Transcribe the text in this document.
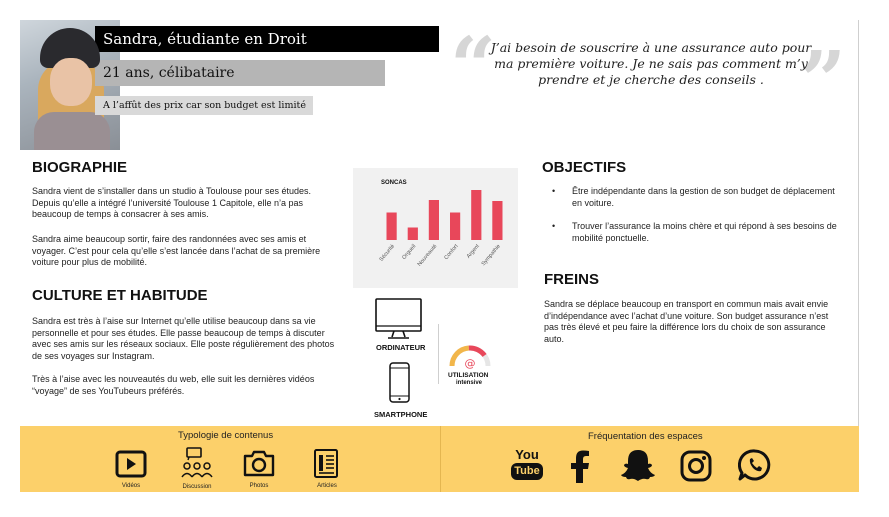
Sandra, étudiante en Droit
21 ans, célibataire
A l’affût des prix car son budget est limité “	”
J’ai besoin de souscrire à une assurance auto pour
ma première voiture. Je ne sais pas comment m’y
prendre et je cherche des conseils .
BIOGRAPHIE
Sandra vient de s’installer dans un studio à Toulouse pour ses études.
Depuis qu’elle a intégré l’université Toulouse 1 Capitole, elle n’a pas
beaucoup de temps à consacrer à ses amis.
Sandra aime beaucoup sortir, faire des randonnées avec ses amis et
voyager. C’est pour cela qu’elle s’est lancée dans l’achat de sa première
voiture pour plus de mobilité.
CULTURE ET HABITUDE
Sandra est très à l’aise sur Internet qu’elle utilise beaucoup dans sa vie
personnelle et pour ses études. Elle passe beaucoup de temps à discuter
avec ses amis sur les réseaux sociaux. Elle poste régulièrement des photos
de ses voyages sur Instagram.
Très à l’aise avec les nouveautés du web, elle suit les dernières vidéos
“voyage” de ses YouTubeurs préférés.
SONCAS
Sécurité Orgueil Nouveauté Confort Argent Sympathie
ORDINATEUR
SMARTPHONE
@
UTILISATION
intensive
OBJECTIFS
• Être indépendante dans la gestion de son budget de déplacement
en voiture.
• Trouver l’assurance la moins chère et qui répond à ses besoins de
mobilité ponctuelle.
FREINS
Sandra se déplace beaucoup en transport en commun mais avait envie
d’indépendance avec l’achat d’une voiture. Son budget assurance n’est
pas très élevé et peu faire la différence lors du choix de son assurance
auto.
Typologie de contenus	Fréquentation des espaces
Vidéos	Discussion	Photos	Articles
You
Tube
